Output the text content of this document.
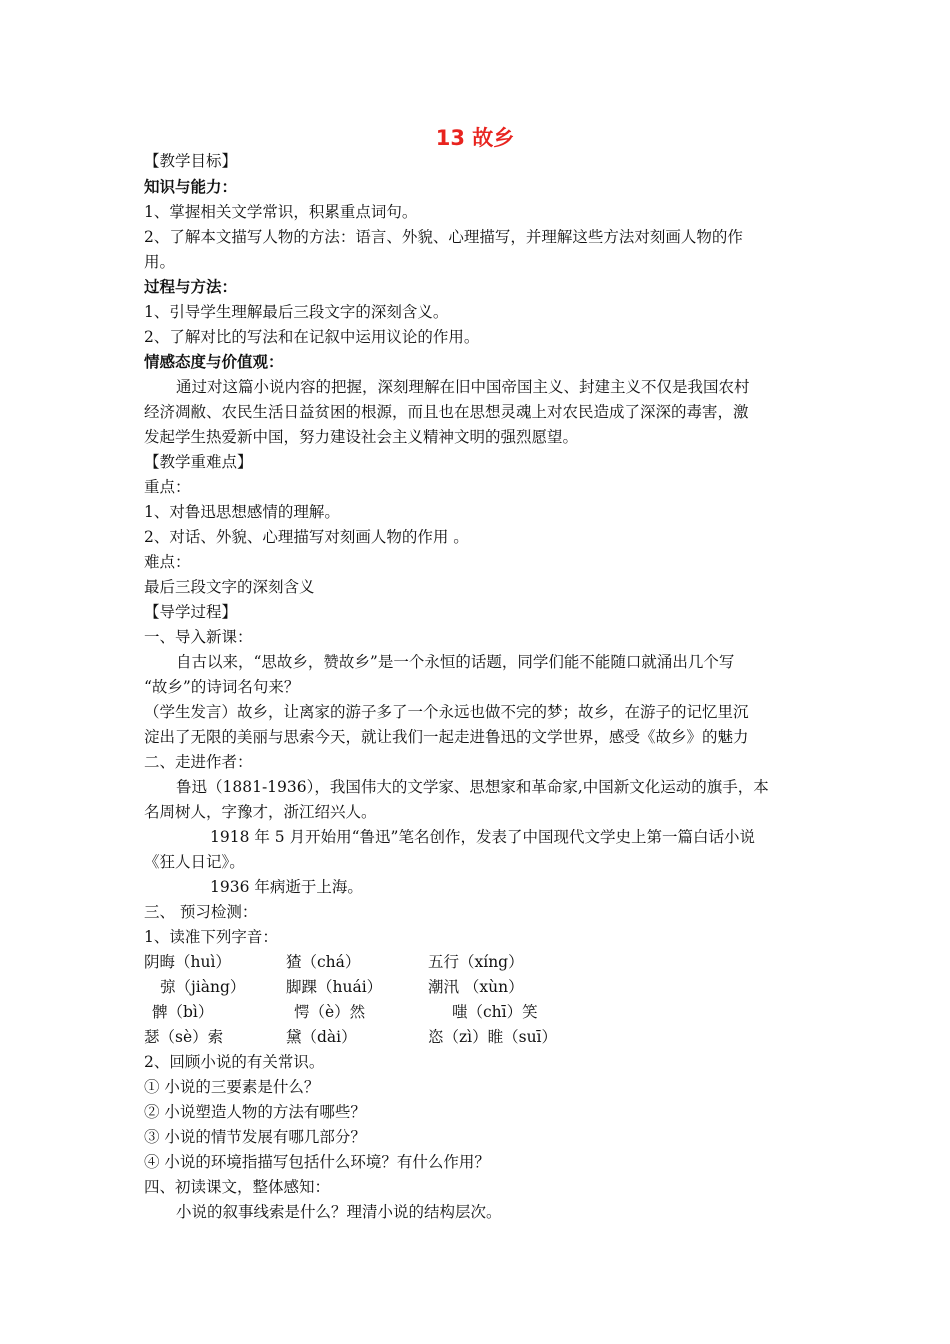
13 故乡
【教学目标】
知识与能力：
1、掌握相关文学常识，积累重点词句。
2、了解本文描写人物的方法：语言、外貌、心理描写，并理解这些方法对刻画人物的作
用。
过程与方法：
1、引导学生理解最后三段文字的深刻含义。
2、了解对比的写法和在记叙中运用议论的作用。
情感态度与价值观：
通过对这篇小说内容的把握，深刻理解在旧中国帝国主义、封建主义不仅是我国农村
经济凋敝、农民生活日益贫困的根源，而且也在思想灵魂上对农民造成了深深的毒害，激
发起学生热爱新中国，努力建设社会主义精神文明的强烈愿望。
【教学重难点】
重点：
1、对鲁迅思想感情的理解。
2、对话、外貌、心理描写对刻画人物的作用 。
难点：
最后三段文字的深刻含义
【导学过程】
一、导入新课：
自古以来，“思故乡，赞故乡”是一个永恒的话题，同学们能不能随口就涌出几个写
“故乡”的诗词名句来？
（学生发言）故乡，让离家的游子多了一个永远也做不完的梦；故乡，在游子的记忆里沉
淀出了无限的美丽与思索今天，就让我们一起走进鲁迅的文学世界，感受《故乡》的魅力
二、走进作者：
鲁迅（1881-1936），我国伟大的文学家、思想家和革命家,中国新文化运动的旗手，本
名周树人，字豫才，浙江绍兴人。
1918 年 5 月开始用“鲁迅”笔名创作，发表了中国现代文学史上第一篇白话小说
《狂人日记》。
1936 年病逝于上海。
三、 预习检测：
1、读准下列字音：
阴晦（huì）	猹（chá）	五行（xíng）
弶（jiàng）	脚踝（huái）	潮汛 （xùn）
髀（bì）	愕（è）然	嗤（chī）笑
瑟（sè）索	黛（dài）	恣（zì）睢（suī）
2、回顾小说的有关常识。
① 小说的三要素是什么？
② 小说塑造人物的方法有哪些？
③ 小说的情节发展有哪几部分？
④ 小说的环境指描写包括什么环境？有什么作用？
四、初读课文，整体感知：
小说的叙事线索是什么？理清小说的结构层次。
